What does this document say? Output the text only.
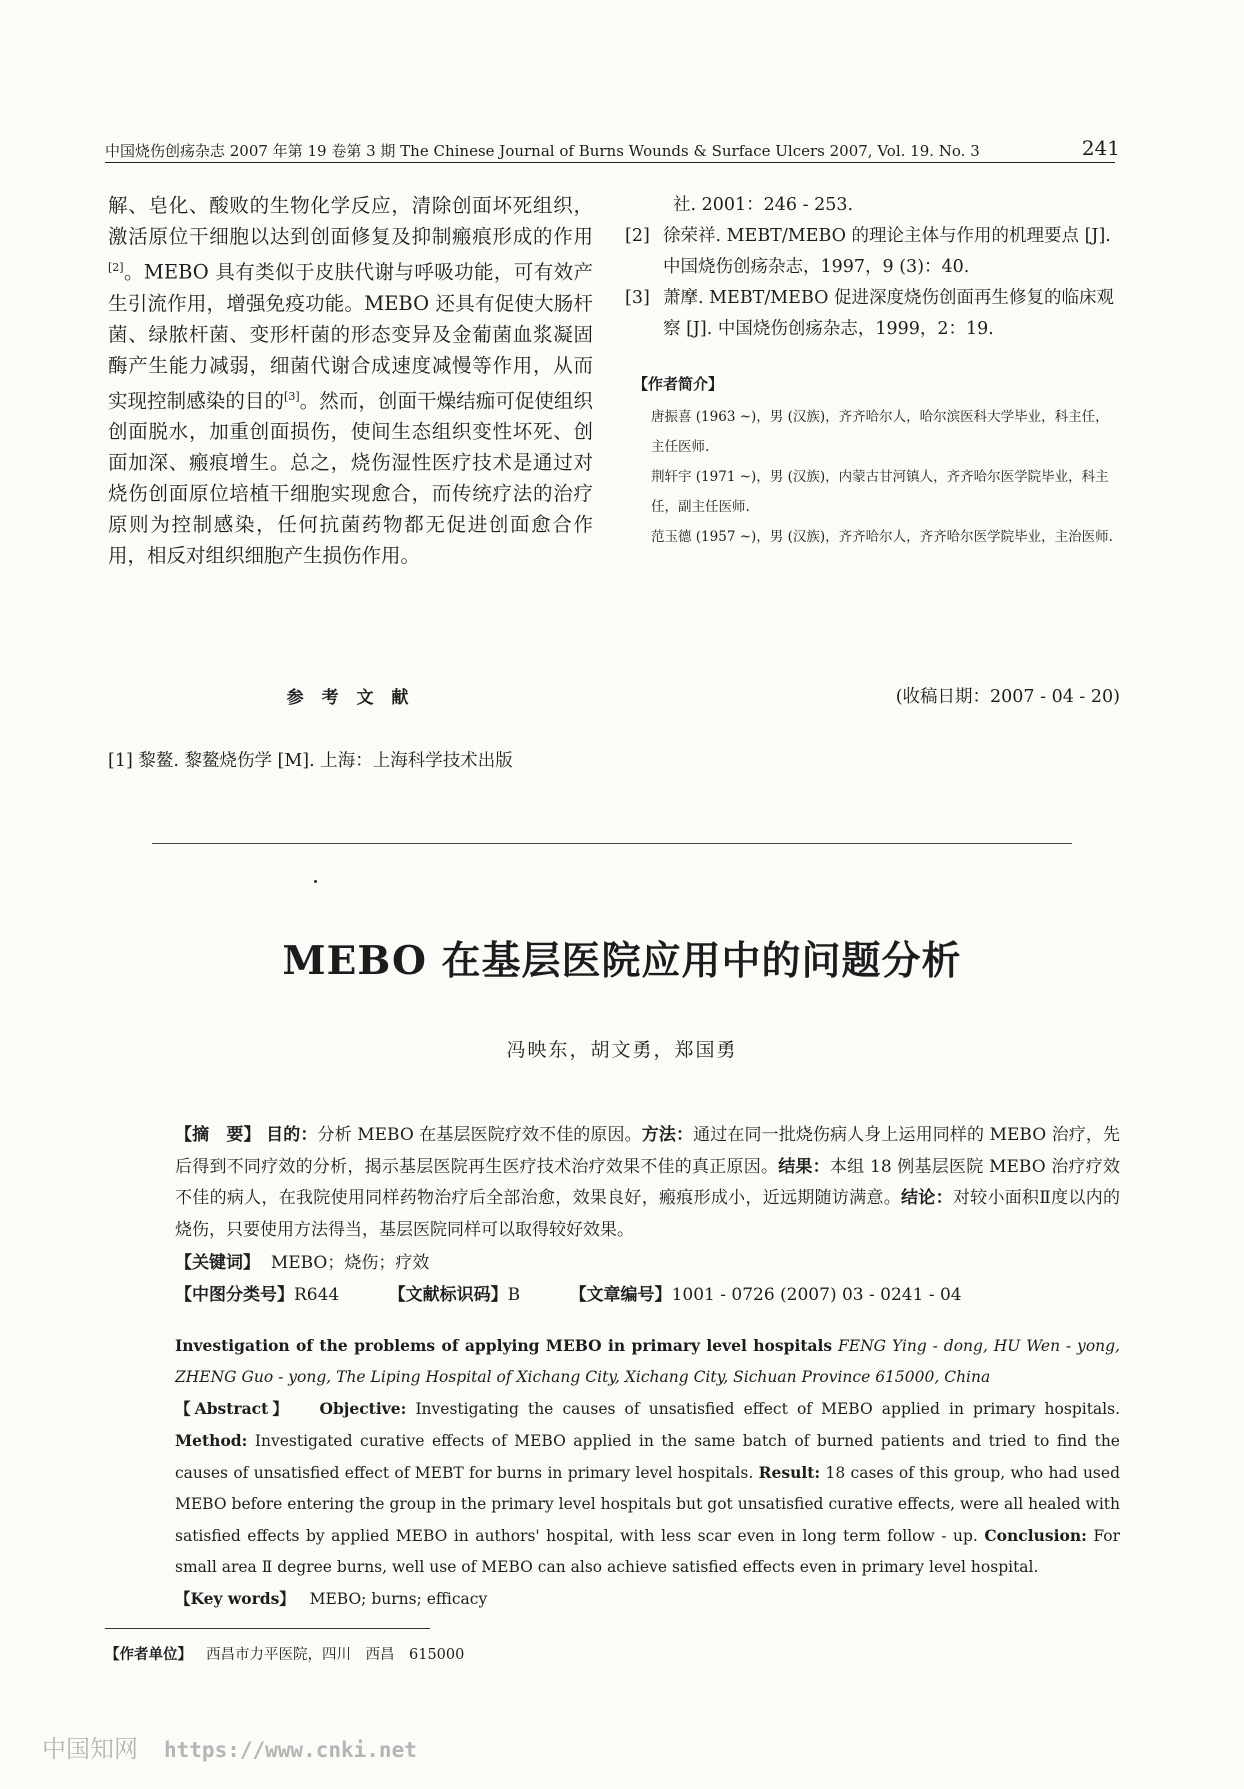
中国烧伤创疡杂志 2007 年第 19 卷第 3 期 The Chinese Journal of Burns Wounds & Surface Ulcers 2007, Vol. 19. No. 3	241

解、皂化、酸败的生物化学反应，清除创面坏死组织，激活原位干细胞以达到创面修复及抑制瘢痕形成的作用[2]。MEBO 具有类似于皮肤代谢与呼吸功能，可有效产生引流作用，增强免疫功能。MEBO 还具有促使大肠杆菌、绿脓杆菌、变形杆菌的形态变异及金葡菌血浆凝固酶产生能力减弱，细菌代谢合成速度减慢等作用，从而实现控制感染的目的[3]。然而，创面干燥结痂可促使组织创面脱水，加重创面损伤，使间生态组织变性坏死、创面加深、瘢痕增生。总之，烧伤湿性医疗技术是通过对烧伤创面原位培植干细胞实现愈合，而传统疗法的治疗原则为控制感染，任何抗菌药物都无促进创面愈合作用，相反对组织细胞产生损伤作用。

社. 2001：246 - 253.

[2] 徐荣祥. MEBT/MEBO 的理论主体与作用的机理要点 [J]. 中国烧伤创疡杂志，1997，9 (3)：40.

[3] 萧摩. MEBT/MEBO 促进深度烧伤创面再生修复的临床观察 [J]. 中国烧伤创疡杂志，1999，2：19.

【作者简介】

唐振喜 (1963 ~)，男 (汉族)，齐齐哈尔人，哈尔滨医科大学毕业，科主任，主任医师.

荆轩宇 (1971 ~)，男 (汉族)，内蒙古甘河镇人，齐齐哈尔医学院毕业，科主任，副主任医师.

范玉德 (1957 ~)，男 (汉族)，齐齐哈尔人，齐齐哈尔医学院毕业，主治医师.

参 考 文 献	(收稿日期：2007 - 04 - 20)
[1] 黎鳌. 黎鳌烧伤学 [M]. 上海：上海科学技术出版
MEBO 在基层医院应用中的问题分析
冯映东，胡文勇，郑国勇

【摘　要】 目的：分析 MEBO 在基层医院疗效不佳的原因。方法：通过在同一批烧伤病人身上运用同样的 MEBO 治疗，先后得到不同疗效的分析，揭示基层医院再生医疗技术治疗效果不佳的真正原因。结果：本组 18 例基层医院 MEBO 治疗疗效不佳的病人，在我院使用同样药物治疗后全部治愈，效果良好，瘢痕形成小，近远期随访满意。结论：对较小面积Ⅱ度以内的烧伤，只要使用方法得当，基层医院同样可以取得较好效果。

【关键词】 MEBO；烧伤；疗效

【中图分类号】R644	【文献标识码】B	【文章编号】1001 - 0726 (2007) 03 - 0241 - 04

Investigation of the problems of applying MEBO in primary level hospitals FENG Ying - dong, HU Wen - yong, ZHENG Guo - yong, The Liping Hospital of Xichang City, Xichang City, Sichuan Province 615000, China

【Abstract】 Objective: Investigating the causes of unsatisfied effect of MEBO applied in primary hospitals. Method: Investigated curative effects of MEBO applied in the same batch of burned patients and tried to find the causes of unsatisfied effect of MEBT for burns in primary level hospitals. Result: 18 cases of this group, who had used MEBO before entering the group in the primary level hospitals but got unsatisfied curative effects, were all healed with satisfied effects by applied MEBO in authors' hospital, with less scar even in long term follow - up. Conclusion: For small area Ⅱ degree burns, well use of MEBO can also achieve satisfied effects even in primary level hospital.

【Key words】 MEBO; burns; efficacy

【作者单位】 西昌市力平医院，四川　西昌　615000
中国知网 https://www.cnki.net
